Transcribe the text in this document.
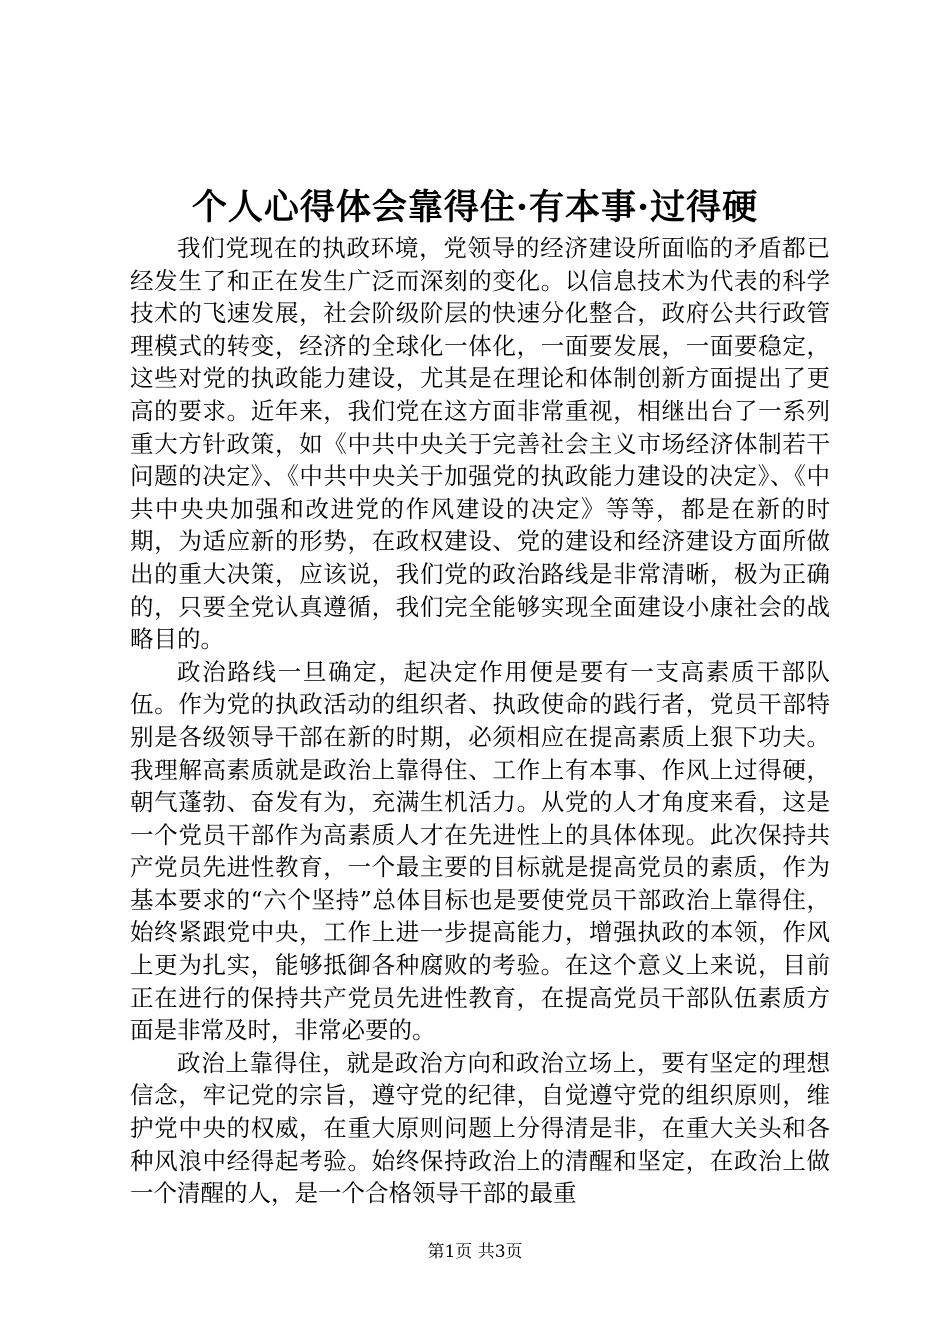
个人心得体会靠得住·有本事·过得硬

我们党现在的执政环境，党领导的经济建设所面临的矛盾都已经发生了和正在发生广泛而深刻的变化。以信息技术为代表的科学技术的飞速发展，社会阶级阶层的快速分化整合，政府公共行政管理模式的转变，经济的全球化一体化，一面要发展，一面要稳定，这些对党的执政能力建设，尤其是在理论和体制创新方面提出了更高的要求。近年来，我们党在这方面非常重视，相继出台了一系列重大方针政策，如《中共中央关于完善社会主义市场经济体制若干问题的决定》、《中共中央关于加强党的执政能力建设的决定》、《中共中央央加强和改进党的作风建设的决定》等等，都是在新的时期，为适应新的形势，在政权建设、党的建设和经济建设方面所做出的重大决策，应该说，我们党的政治路线是非常清晰，极为正确的，只要全党认真遵循，我们完全能够实现全面建设小康社会的战略目的。

政治路线一旦确定，起决定作用便是要有一支高素质干部队伍。作为党的执政活动的组织者、执政使命的践行者，党员干部特别是各级领导干部在新的时期，必须相应在提高素质上狠下功夫。我理解高素质就是政治上靠得住、工作上有本事、作风上过得硬，朝气蓬勃、奋发有为，充满生机活力。从党的人才角度来看，这是一个党员干部作为高素质人才在先进性上的具体体现。此次保持共产党员先进性教育，一个最主要的目标就是提高党员的素质，作为基本要求的“六个坚持”总体目标也是要使党员干部政治上靠得住，始终紧跟党中央，工作上进一步提高能力，增强执政的本领，作风上更为扎实，能够抵御各种腐败的考验。在这个意义上来说，目前正在进行的保持共产党员先进性教育，在提高党员干部队伍素质方面是非常及时，非常必要的。

政治上靠得住，就是政治方向和政治立场上，要有坚定的理想信念，牢记党的宗旨，遵守党的纪律，自觉遵守党的组织原则，维护党中央的权威，在重大原则问题上分得清是非，在重大关头和各种风浪中经得起考验。始终保持政治上的清醒和坚定，在政治上做一个清醒的人，是一个合格领导干部的最重

第1页 共3页
